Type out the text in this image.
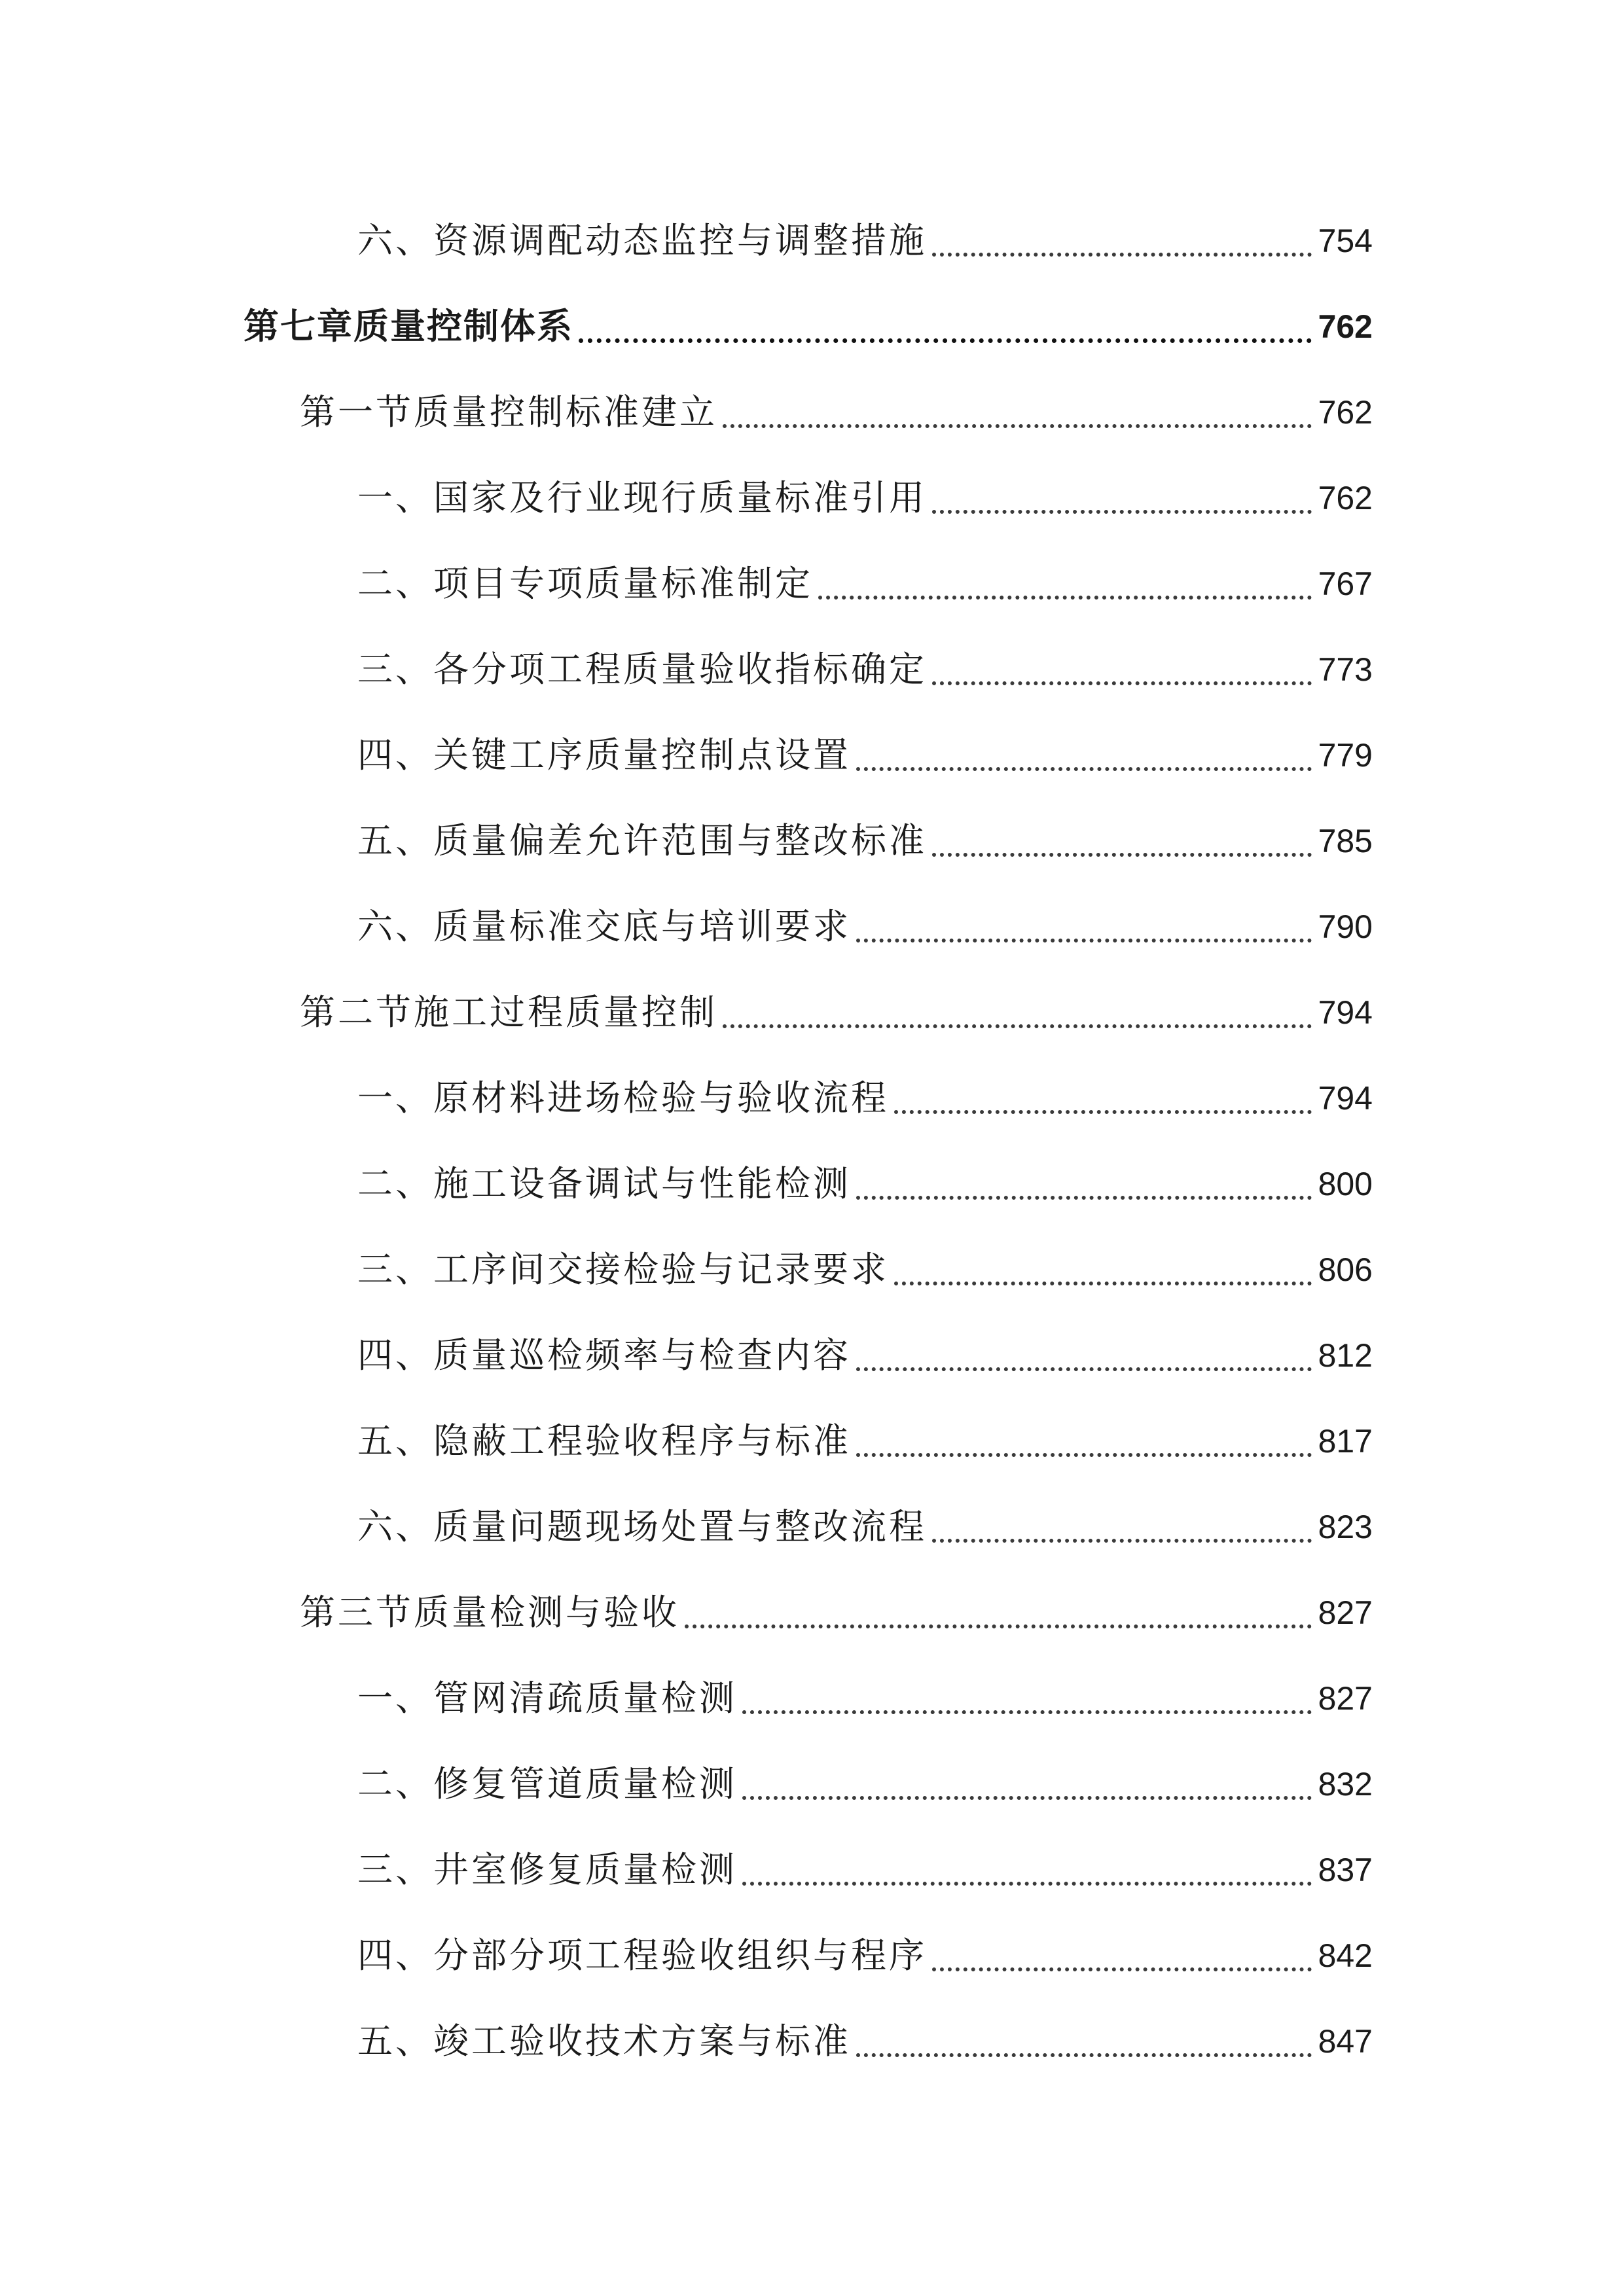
六、资源调配动态监控与调整措施	754
第七章质量控制体系	762
第一节质量控制标准建立	762
一、国家及行业现行质量标准引用	762
二、项目专项质量标准制定	767
三、各分项工程质量验收指标确定	773
四、关键工序质量控制点设置	779
五、质量偏差允许范围与整改标准	785
六、质量标准交底与培训要求	790
第二节施工过程质量控制	794
一、原材料进场检验与验收流程	794
二、施工设备调试与性能检测	800
三、工序间交接检验与记录要求	806
四、质量巡检频率与检查内容	812
五、隐蔽工程验收程序与标准	817
六、质量问题现场处置与整改流程	823
第三节质量检测与验收	827
一、管网清疏质量检测	827
二、修复管道质量检测	832
三、井室修复质量检测	837
四、分部分项工程验收组织与程序	842
五、竣工验收技术方案与标准	847
